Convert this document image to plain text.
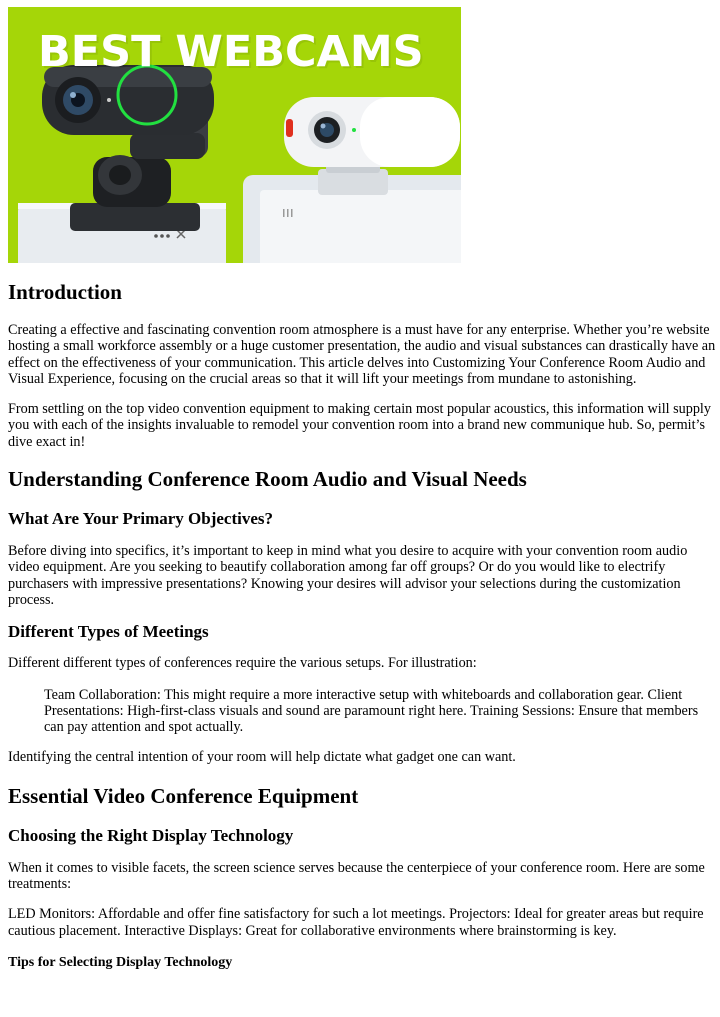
BEST WEBCAMS
Introduction

Creating a effective and fascinating convention room atmosphere is a must have for any enterprise. Whether you’re website hosting a small workforce assembly or a huge customer presentation, the audio and visual substances can drastically have an effect on the effectiveness of your communication. This article delves into Customizing Your Conference Room Audio and Visual Experience, focusing on the crucial areas so that it will lift your meetings from mundane to astonishing.

From settling on the top video convention equipment to making certain most popular acoustics, this information will supply you with each of the insights invaluable to remodel your convention room into a brand new communique hub. So, permit’s dive exact in!

Understanding Conference Room Audio and Visual Needs
What Are Your Primary Objectives?

Before diving into specifics, it’s important to keep in mind what you desire to acquire with your convention room audio video equipment. Are you seeking to beautify collaboration among far off groups? Or do you would like to electrify purchasers with impressive presentations? Knowing your desires will advisor your selections during the customization process.

Different Types of Meetings

Different different types of conferences require the various setups. For illustration:

Team Collaboration: This might require a more interactive setup with whiteboards and collaboration gear. Client Presentations: High-first-class visuals and sound are paramount right here. Training Sessions: Ensure that members can pay attention and spot actually.

Identifying the central intention of your room will help dictate what gadget one can want.

Essential Video Conference Equipment
Choosing the Right Display Technology

When it comes to visible facets, the screen science serves because the centerpiece of your conference room. Here are some treatments:

LED Monitors: Affordable and offer fine satisfactory for such a lot meetings. Projectors: Ideal for greater areas but require cautious placement. Interactive Displays: Great for collaborative environments where brainstorming is key.

Tips for Selecting Display Technology
